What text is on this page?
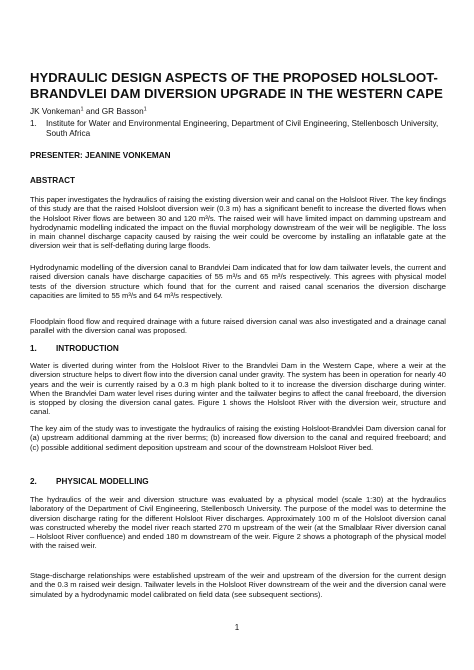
HYDRAULIC DESIGN ASPECTS OF THE PROPOSED HOLSLOOT-
BRANDVLEI DAM DIVERSION UPGRADE IN THE WESTERN CAPE
JK Vonkeman$^1$ and GR Basson$^1$
1.	Institute for Water and Environmental Engineering, Department of Civil Engineering, Stellenbosch University, South Africa
PRESENTER: JEANINE VONKEMAN
ABSTRACT
This paper investigates the hydraulics of raising the existing diversion weir and canal on the Holsloot River. The key findings of this study are that the raised Holsloot diversion weir (0.3 m) has a significant benefit to increase the diverted flows when the Holsloot River flows are between 30 and 120 m³/s. The raised weir will have limited impact on damming upstream and hydrodynamic modelling indicated the impact on the fluvial morphology downstream of the weir will be negligible. The loss in main channel discharge capacity caused by raising the weir could be overcome by installing an inflatable gate at the diversion weir that is self-deflating during large floods.
Hydrodynamic modelling of the diversion canal to Brandvlei Dam indicated that for low dam tailwater levels, the current and raised diversion canals have discharge capacities of 55 m³/s and 65 m³/s respectively. This agrees with physical model tests of the diversion structure which found that for the current and raised canal scenarios the diversion discharge capacities are limited to 55 m³/s and 64 m³/s respectively.
Floodplain flood flow and required drainage with a future raised diversion canal was also investigated and a drainage canal parallel with the diversion canal was proposed.
1.	INTRODUCTION
Water is diverted during winter from the Holsloot River to the Brandvlei Dam in the Western Cape, where a weir at the diversion structure helps to divert flow into the diversion canal under gravity. The system has been in operation for nearly 40 years and the weir is currently raised by a 0.3 m high plank bolted to it to increase the diversion discharge during winter. When the Brandvlei Dam water level rises during winter and the tailwater begins to affect the canal freeboard, the diversion is stopped by closing the diversion canal gates. Figure 1 shows the Holsloot River with the diversion weir, structure and canal.
The key aim of the study was to investigate the hydraulics of raising the existing Holsloot-Brandvlei Dam diversion canal for (a) upstream additional damming at the river berms; (b) increased flow diversion to the canal and required freeboard; and (c) possible additional sediment deposition upstream and scour of the downstream Holsloot River bed.
2.	PHYSICAL MODELLING
The hydraulics of the weir and diversion structure was evaluated by a physical model (scale 1:30) at the hydraulics laboratory of the Department of Civil Engineering, Stellenbosch University. The purpose of the model was to determine the diversion discharge rating for the different Holsloot River discharges. Approximately 100 m of the Holsloot diversion canal was constructed whereby the model river reach started 270 m upstream of the weir (at the Smalblaar River diversion canal – Holsloot River confluence) and ended 180 m downstream of the weir. Figure 2 shows a photograph of the physical model with the raised weir.
Stage-discharge relationships were established upstream of the weir and upstream of the diversion for the current design and the 0.3 m raised weir design. Tailwater levels in the Holsloot River downstream of the weir and the diversion canal were simulated by a hydrodynamic model calibrated on field data (see subsequent sections).
1
